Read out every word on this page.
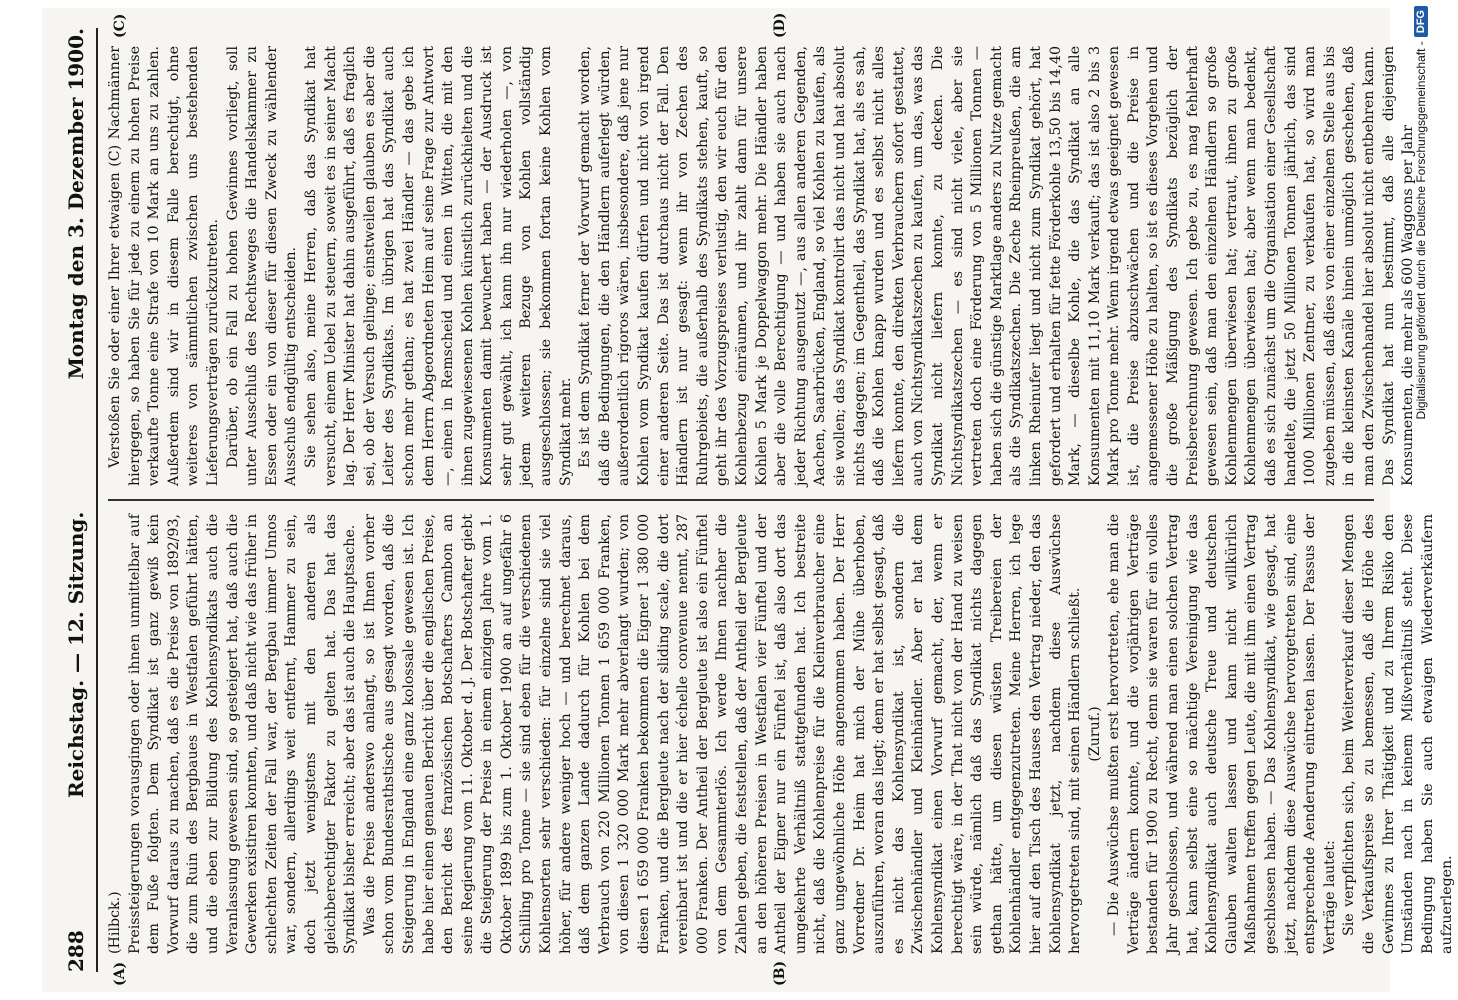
288
Reichstag. — 12. Sitzung.
Montag den 3. Dezember 1900.
(A)	(B)
(C)	(D)

(Hilbck.) Preissteigerungen vorausgingen oder ihnen unmittelbar auf dem Fuße folgten. Dem Syndikat ist ganz gewiß kein Vorwurf daraus zu machen, daß es die Preise von 1892/93, die zum Ruin des Bergbaues in Westfalen geführt hätten, und die eben zur Bildung des Kohlensyndikats auch die Veranlassung gewesen sind, so gesteigert hat, daß auch die Gewerken existiren konnten, und daß nicht wie das früher in schlechten Zeiten der Fall war, der Bergbau immer Unnos war, sondern, allerdings weit entfernt, Hammer zu sein, doch jetzt wenigstens mit den anderen als gleichberechtigter Faktor zu gelten hat. Das hat das Syndikat bisher erreicht; aber das ist auch die Hauptsache. Was die Preise anderswo anlangt, so ist Ihnen vorher schon vom Bundesrathstische aus gesagt worden, daß die Steigerung in England eine ganz kolossale gewesen ist. Ich habe hier einen genauen Bericht über die englischen Preise, den Bericht des französischen Botschafters Cambon an seine Regierung vom 11. Oktober d. J. Der Botschafter giebt die Steigerung der Preise in einem einzigen Jahre vom 1. Oktober 1899 bis zum 1. Oktober 1900 an auf ungefähr 6 Schilling pro Tonne — sie sind eben für die verschiedenen Kohlensorten sehr verschieden: für einzelne sind sie viel höher, für andere weniger hoch — und berechnet daraus, daß dem ganzen Lande dadurch für Kohlen bei dem Verbrauch von 220 Millionen Tonnen 1 659 000 Franken, von diesen 1 320 000 Mark mehr abverlangt wurden; von diesen 1 659 000 Franken bekommen die Eigner 1 380 000 Franken, und die Bergleute nach der sliding scale, die dort vereinbart ist und die er hier échelle convenue nennt, 287 000 Franken. Der Antheil der Bergleute ist also ein Fünftel von dem Gesammterlös. Ich werde Ihnen nachher die Zahlen geben, die feststellen, daß der Antheil der Bergleute an den höheren Preisen in Westfalen vier Fünftel und der Antheil der Eigner nur ein Fünftel ist, daß also dort das umgekehrte Verhältniß stattgefunden hat. Ich bestreite nicht, daß die Kohlenpreise für die Kleinverbraucher eine ganz ungewöhnliche Höhe angenommen haben. Der Herr Vorredner Dr. Heim hat mich der Mühe überhoben, auszuführen, woran das liegt; denn er hat selbst gesagt, daß es nicht das Kohlensyndikat ist, sondern die Zwischenhändler und Kleinhändler. Aber er hat dem Kohlensyndikat einen Vorwurf gemacht, der, wenn er berechtigt wäre, in der That nicht von der Hand zu weisen sein würde, nämlich daß das Syndikat nichts dagegen gethan hätte, um diesen wüsten Treibereien der Kohlenhändler entgegenzutreten. Meine Herren, ich lege hier auf den Tisch des Hauses den Vertrag nieder, den das Kohlensyndikat jetzt, nachdem diese Auswüchse hervorgetreten sind, mit seinen Händlern schließt. (Zuruf.) — Die Auswüchse mußten erst hervortreten, ehe man die Verträge ändern konnte, und die vorjährigen Verträge bestanden für 1900 zu Recht, denn sie waren für ein volles Jahr geschlossen, und während man einen solchen Vertrag hat, kann selbst eine so mächtige Vereinigung wie das Kohlensyndikat auch deutsche Treue und deutschen Glauben walten lassen und kann nicht willkürlich Maßnahmen treffen gegen Leute, die mit ihm einen Vertrag geschlossen haben. — Das Kohlensyndikat, wie gesagt, hat jetzt, nachdem diese Auswüchse hervorgetreten sind, eine entsprechende Aenderung eintreten lassen. Der Passus der Verträge lautet: Sie verpflichten sich, beim Weiterverkauf dieser Mengen die Verkaufspreise so zu bemessen, daß die Höhe des Gewinnes zu Ihrer Thätigkeit und zu Ihrem Risiko den Umständen nach in keinem Mißverhältniß steht. Diese Bedingung haben Sie auch etwaigen Wiederverkäufern aufzuerlegen.

Verstoßen Sie oder einer Ihrer etwaigen (C) Nachmänner hiergegen, so haben Sie für jede zu einem zu hohen Preise verkaufte Tonne eine Strafe von 10 Mark an uns zu zahlen. Außerdem sind wir in diesem Falle berechtigt, ohne weiteres von sämmtlichen zwischen uns bestehenden Lieferungsverträgen zurückzutreten. Darüber, ob ein Fall zu hohen Gewinnes vorliegt, soll unter Ausschluß des Rechtsweges die Handelskammer zu Essen oder ein von dieser für diesen Zweck zu wählender Ausschuß endgültig entscheiden. Sie sehen also, meine Herren, daß das Syndikat hat versucht, einem Uebel zu steuern, soweit es in seiner Macht lag. Der Herr Minister hat dahin ausgeführt, daß es fraglich sei, ob der Versuch gelinge; einstweilen glauben es aber die Leiter des Syndikats. Im übrigen hat das Syndikat auch schon mehr gethan; es hat zwei Händler — das gebe ich dem Herrn Abgeordneten Heim auf seine Frage zur Antwort —, einen in Remscheid und einen in Witten, die mit den ihnen zugewiesenen Kohlen künstlich zurückhielten und die Konsumenten damit bewuchert haben — der Ausdruck ist sehr gut gewählt, ich kann ihn nur wiederholen —, von jedem weiteren Bezuge von Kohlen vollständig ausgeschlossen; sie bekommen fortan keine Kohlen vom Syndikat mehr. Es ist dem Syndikat ferner der Vorwurf gemacht worden, daß die Bedingungen, die den Händlern auferlegt würden, außerordentlich rigoros wären, insbesondere, daß jene nur Kohlen vom Syndikat kaufen dürfen und nicht von irgend einer anderen Seite. Das ist durchaus nicht der Fall. Den Händlern ist nur gesagt: wenn ihr von Zechen des Ruhrgebiets, die außerhalb des Syndikats stehen, kauft, so geht ihr des Vorzugspreises verlustig, den wir euch für den Kohlenbezug einräumen, und ihr zahlt dann für unsere Kohlen 5 Mark je Doppelwaggon mehr. Die Händler haben aber die volle Berechtigung — und haben sie auch nach jeder Richtung ausgenutzt —, aus allen anderen Gegenden, Aachen, Saarbrücken, England, so viel Kohlen zu kaufen, als sie wollen; das Syndikat kontrolirt das nicht und hat absolut nichts dagegen; im Gegentheil, das Syndikat hat, als es sah, daß die Kohlen knapp wurden und es selbst nicht alles liefern konnte, den direkten Verbrauchern sofort gestattet, auch von Nichtsyndikatszechen zu kaufen, um das, was das Syndikat nicht liefern konnte, zu decken. Die Nichtsyndikatszechen — es sind nicht viele, aber sie vertreten doch eine Förderung von 5 Millionen Tonnen — haben sich die günstige Marktlage anders zu Nutze gemacht als die Syndikatszechen. Die Zeche Rheinpreußen, die am linken Rheinufer liegt und nicht zum Syndikat gehört, hat gefordert und erhalten für fette Förderkohle 13,50 bis 14,40 Mark, — dieselbe Kohle, die das Syndikat an alle Konsumenten mit 11,10 Mark verkauft; das ist also 2 bis 3 Mark pro Tonne mehr. Wenn irgend etwas geeignet gewesen ist, die Preise abzuschwächen und die Preise in angemessener Höhe zu halten, so ist es dieses Vorgehen und die große Mäßigung des Syndikats bezüglich der Preisberechnung gewesen. Ich gebe zu, es mag fehlerhaft gewesen sein, daß man den einzelnen Händlern so große Kohlenmengen überwiesen hat; vertraut, ihnen zu große Kohlenmengen überwiesen hat; aber wenn man bedenkt, daß es sich zunächst um die Organisation einer Gesellschaft handelte, die jetzt 50 Millionen Tonnen jährlich, das sind 1000 Millionen Zentner, zu verkaufen hat, so wird man zugeben müssen, daß dies von einer einzelnen Stelle aus bis in die kleinsten Kanäle hinein unmöglich geschehen, daß man den Zwischenhandel hier absolut nicht entbehren kann. Das Syndikat hat nun bestimmt, daß alle diejenigen Konsumenten, die mehr als 600 Waggons per Jahr

Digitalisierung gefördert durch die Deutsche Forschungsgemeinschaft -
DFG
